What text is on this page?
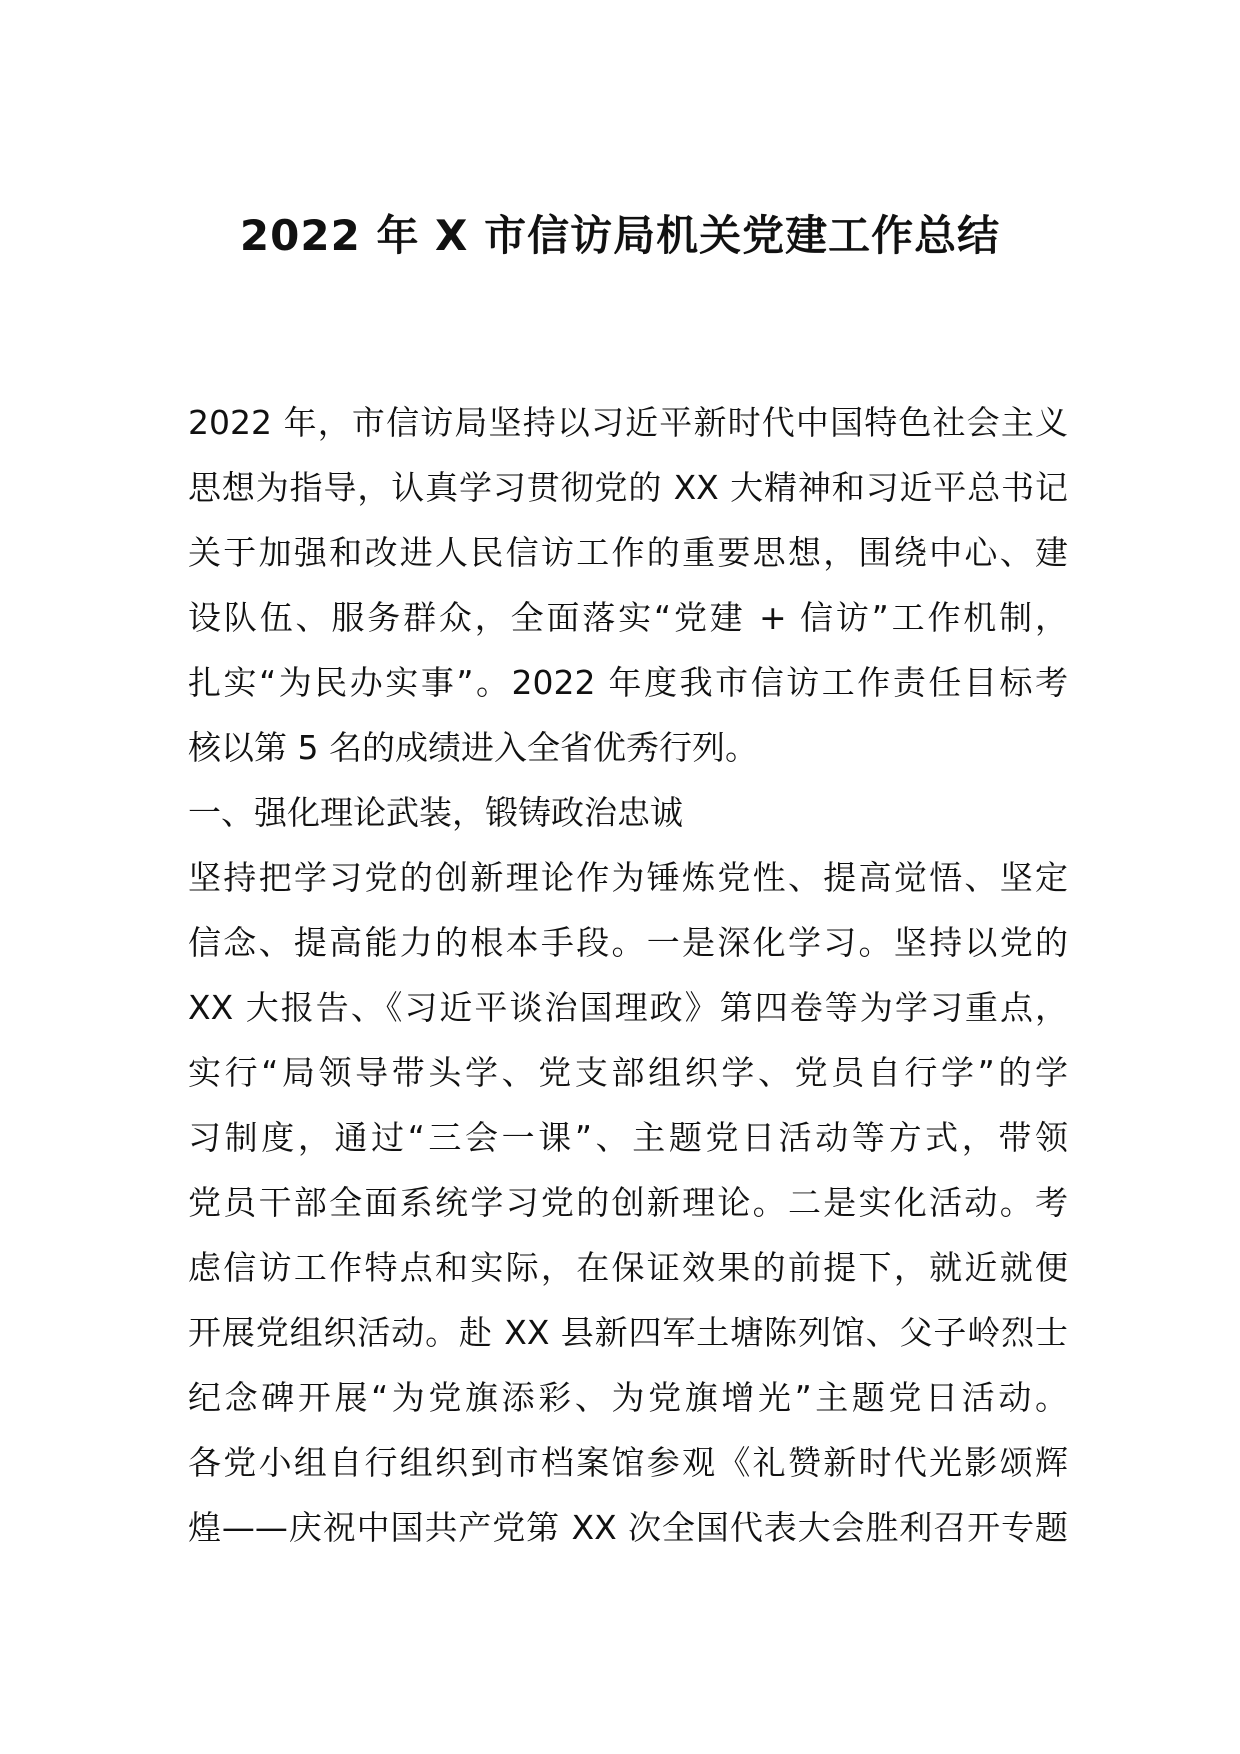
2022 年 X 市信访局机关党建工作总结
2022 年，市信访局坚持以习近平新时代中国特色社会主义
思想为指导，认真学习贯彻党的 XX 大精神和习近平总书记
关于加强和改进人民信访工作的重要思想，围绕中心、建
设队伍、服务群众，全面落实“党建 + 信访”工作机制，
扎实“为民办实事”。2022 年度我市信访工作责任目标考
核以第 5 名的成绩进入全省优秀行列。
一、强化理论武装，锻铸政治忠诚
坚持把学习党的创新理论作为锤炼党性、提高觉悟、坚定
信念、提高能力的根本手段。一是深化学习。坚持以党的
XX 大报告、《习近平谈治国理政》第四卷等为学习重点，
实行“局领导带头学、党支部组织学、党员自行学”的学
习制度，通过“三会一课”、主题党日活动等方式，带领
党员干部全面系统学习党的创新理论。二是实化活动。考
虑信访工作特点和实际，在保证效果的前提下，就近就便
开展党组织活动。赴 XX 县新四军土塘陈列馆、父子岭烈士
纪念碑开展“为党旗添彩、为党旗增光”主题党日活动。
各党小组自行组织到市档案馆参观《礼赞新时代光影颂辉
煌——庆祝中国共产党第 XX 次全国代表大会胜利召开专题
